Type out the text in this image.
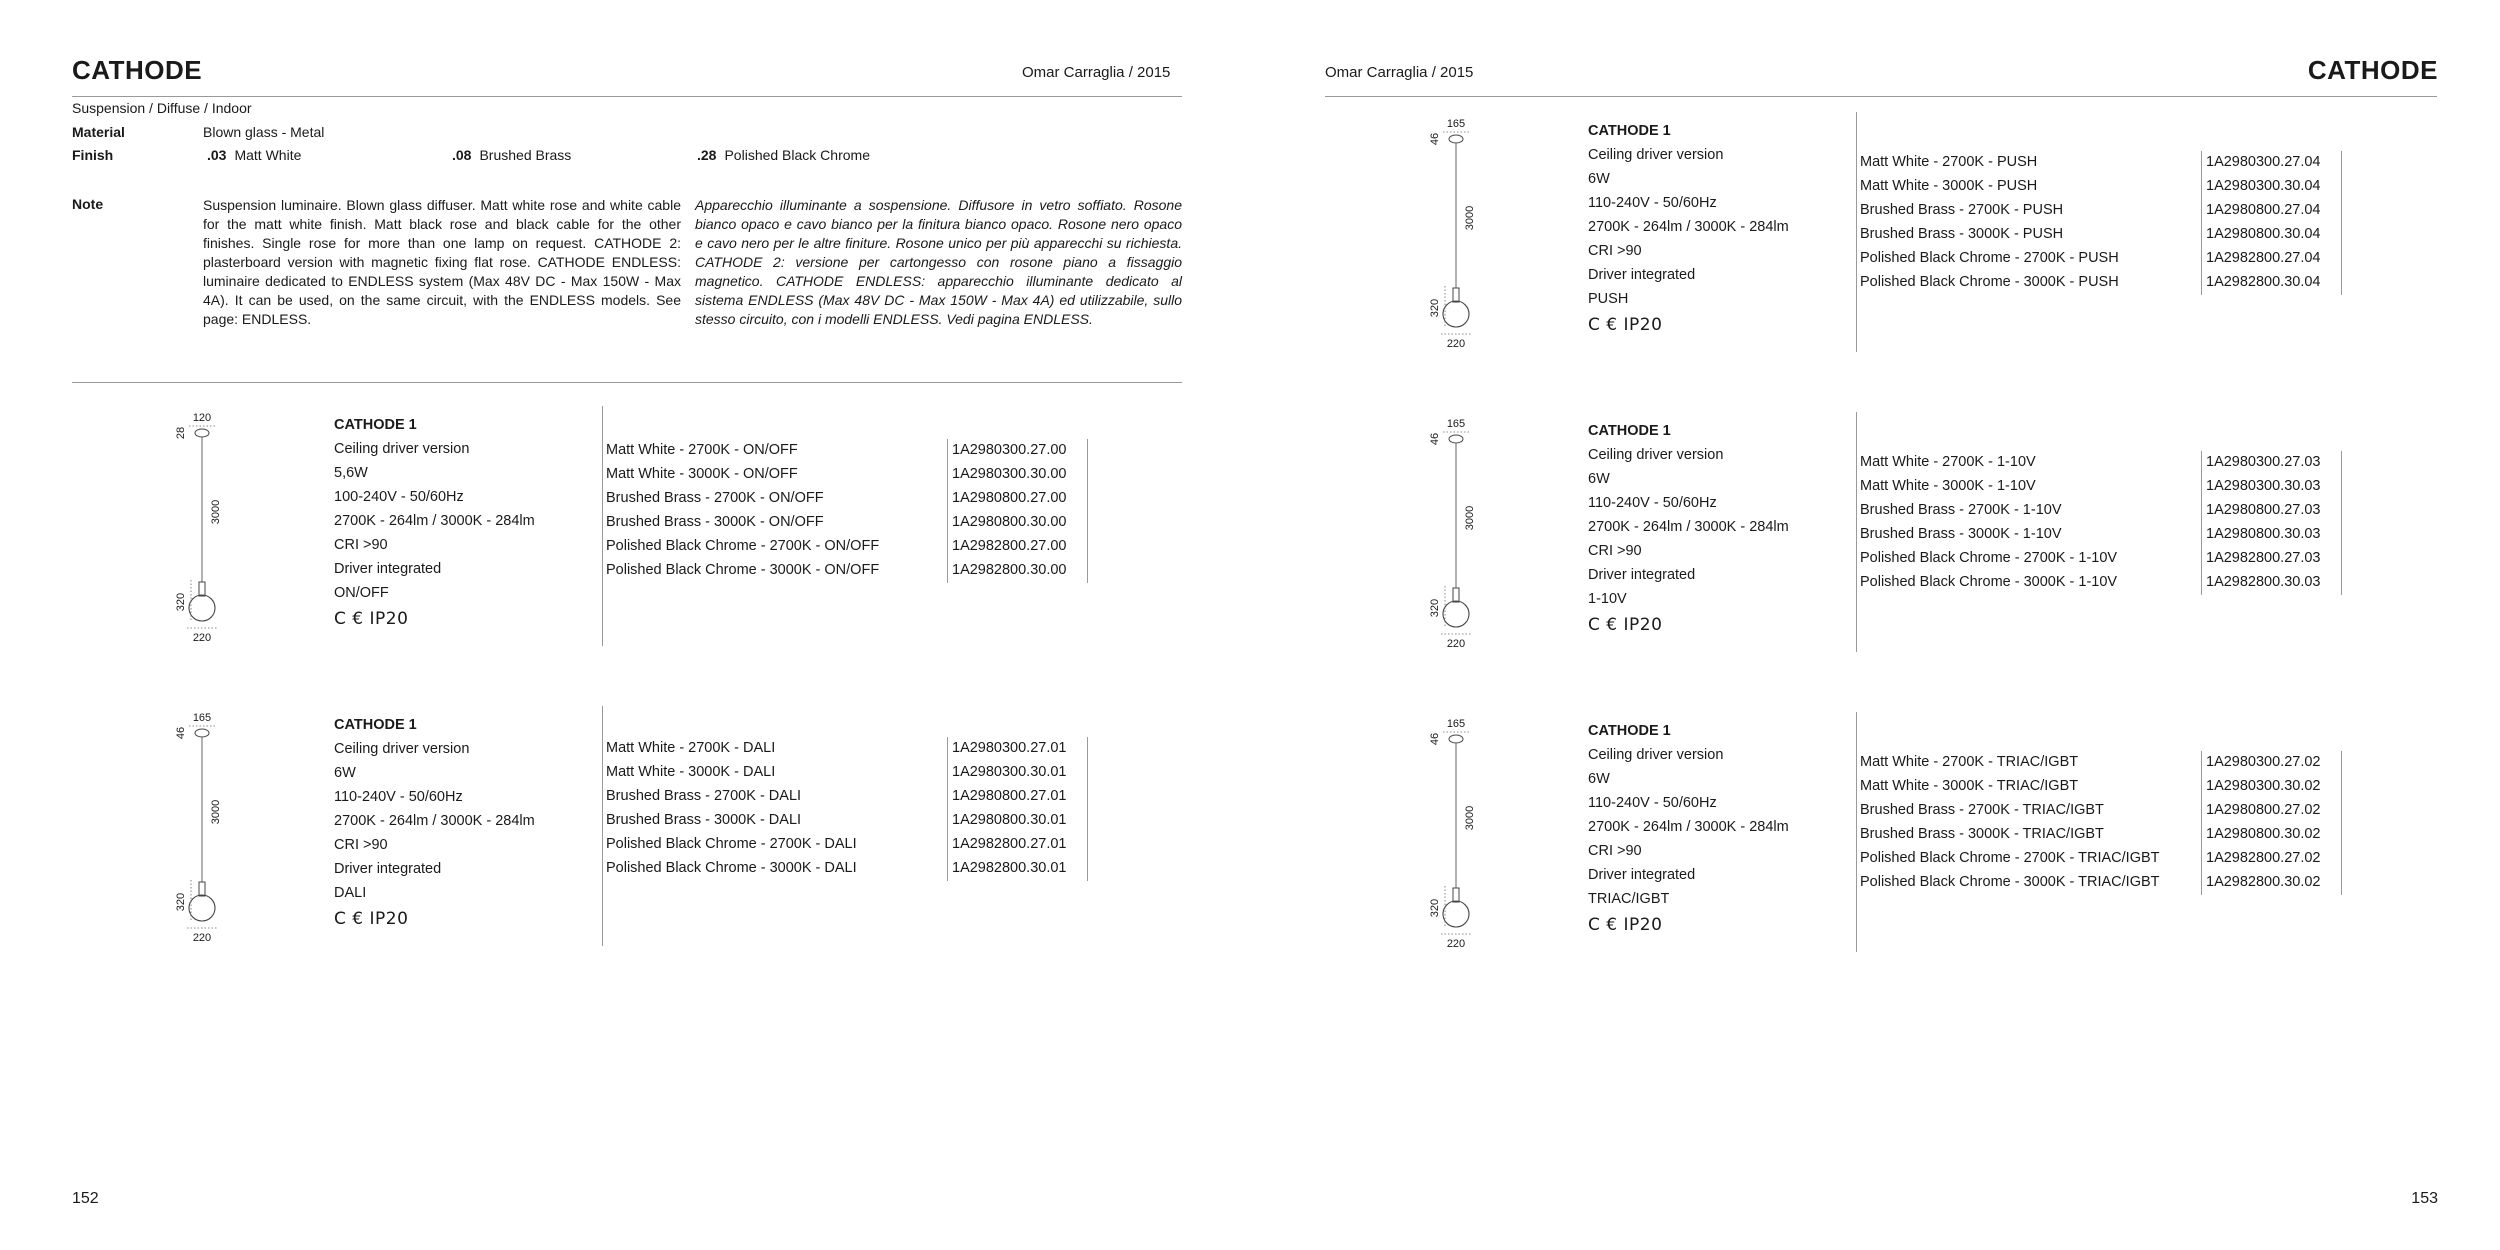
CATHODE	Omar Carraglia / 2015
Suspension / Diffuse / Indoor
Material	Blown glass - Metal
Finish	.03 Matt White	.08 Brushed Brass	.28 Polished Black Chrome
Note	Suspension luminaire. Blown glass diffuser. Matt white rose and white cable for the matt white finish. Matt black rose and black cable for the other finishes. Single rose for more than one lamp on request. CATHODE 2: plasterboard version with magnetic fixing flat rose. CATHODE ENDLESS: luminaire dedicated to ENDLESS system (Max 48V DC - Max 150W - Max 4A). It can be used, on the same circuit, with the ENDLESS models. See page: ENDLESS.
Apparecchio illuminante a sospensione. Diffusore in vetro soffiato. Rosone bianco opaco e cavo bianco per la finitura bianco opaco. Rosone nero opaco e cavo nero per le altre finiture. Rosone unico per più apparecchi su richiesta. CATHODE 2: versione per cartongesso con rosone piano a fissaggio magnetico. CATHODE ENDLESS: apparecchio illuminante dedicato al sistema ENDLESS (Max 48V DC - Max 150W - Max 4A) ed utilizzabile, sullo stesso circuito, con i modelli ENDLESS. Vedi pagina ENDLESS.
Omar Carraglia / 2015	CATHODE
120
28
3000
320
220
CATHODE 1
Ceiling driver version
5,6W
100-240V - 50/60Hz
2700K - 264lm / 3000K - 284lm
CRI >90
Driver integrated
ON/OFF
C € IP20
Matt White - 2700K - ON/OFF	1A2980300.27.00
Matt White - 3000K - ON/OFF	1A2980300.30.00
Brushed Brass - 2700K - ON/OFF	1A2980800.27.00
Brushed Brass - 3000K - ON/OFF	1A2980800.30.00
Polished Black Chrome - 2700K - ON/OFF	1A2982800.27.00
Polished Black Chrome - 3000K - ON/OFF	1A2982800.30.00
165
46
3000
320
220
CATHODE 1
Ceiling driver version
6W
110-240V - 50/60Hz
2700K - 264lm / 3000K - 284lm
CRI >90
Driver integrated
DALI
C € IP20
Matt White - 2700K - DALI	1A2980300.27.01
Matt White - 3000K - DALI	1A2980300.30.01
Brushed Brass - 2700K - DALI	1A2980800.27.01
Brushed Brass - 3000K - DALI	1A2980800.30.01
Polished Black Chrome - 2700K - DALI	1A2982800.27.01
Polished Black Chrome - 3000K - DALI	1A2982800.30.01
165
46
3000
320
220
CATHODE 1
Ceiling driver version
6W
110-240V - 50/60Hz
2700K - 264lm / 3000K - 284lm
CRI >90
Driver integrated
PUSH
C € IP20
Matt White - 2700K - PUSH	1A2980300.27.04
Matt White - 3000K - PUSH	1A2980300.30.04
Brushed Brass - 2700K - PUSH	1A2980800.27.04
Brushed Brass - 3000K - PUSH	1A2980800.30.04
Polished Black Chrome - 2700K - PUSH	1A2982800.27.04
Polished Black Chrome - 3000K - PUSH	1A2982800.30.04
165
46
3000
320
220
CATHODE 1
Ceiling driver version
6W
110-240V - 50/60Hz
2700K - 264lm / 3000K - 284lm
CRI >90
Driver integrated
1-10V
C € IP20
Matt White - 2700K - 1-10V	1A2980300.27.03
Matt White - 3000K - 1-10V	1A2980300.30.03
Brushed Brass - 2700K - 1-10V	1A2980800.27.03
Brushed Brass - 3000K - 1-10V	1A2980800.30.03
Polished Black Chrome - 2700K - 1-10V	1A2982800.27.03
Polished Black Chrome - 3000K - 1-10V	1A2982800.30.03
165
46
3000
320
220
CATHODE 1
Ceiling driver version
6W
110-240V - 50/60Hz
2700K - 264lm / 3000K - 284lm
CRI >90
Driver integrated
TRIAC/IGBT
C € IP20
Matt White - 2700K - TRIAC/IGBT	1A2980300.27.02
Matt White - 3000K - TRIAC/IGBT	1A2980300.30.02
Brushed Brass - 2700K - TRIAC/IGBT	1A2980800.27.02
Brushed Brass - 3000K - TRIAC/IGBT	1A2980800.30.02
Polished Black Chrome - 2700K - TRIAC/IGBT	1A2982800.27.02
Polished Black Chrome - 3000K - TRIAC/IGBT	1A2982800.30.02
152	153
